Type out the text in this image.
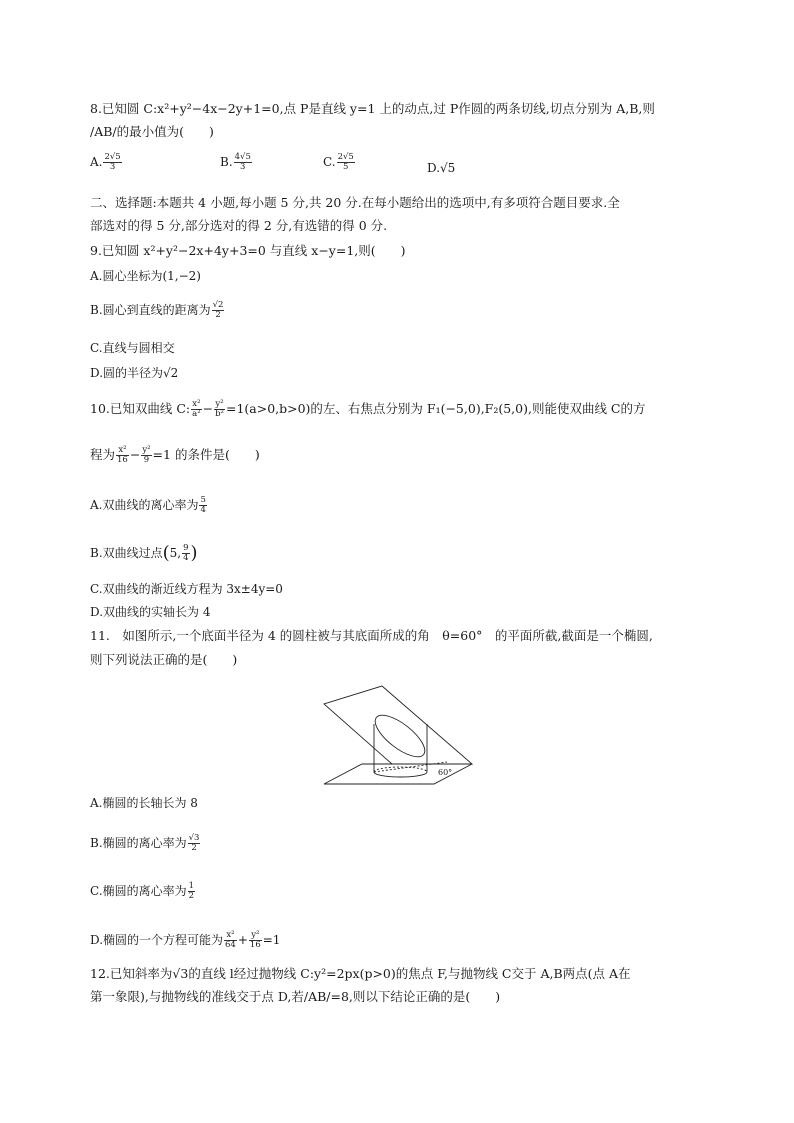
8.已知圆 C:x²+y²−4x−2y+1=0,点 P是直线 y=1 上的动点,过 P作圆的两条切线,切点分别为 A,B,则
/AB/的最小值为(　　)
A. $\frac{2√5}{3}$	B. $\frac{4√5}{3}$	C. $\frac{2√5}{5}$	D.√5
二、选择题:本题共 4 小题,每小题 5 分,共 20 分.在每小题给出的选项中,有多项符合题目要求.全
部选对的得 5 分,部分选对的得 2 分,有选错的得 0 分.
9.已知圆 x²+y²−2x+4y+3=0 与直线 x−y=1,则(　　)
A.圆心坐标为(1,−2)
B.圆心到直线的距离为 $\frac{√2}{2}$
C.直线与圆相交
D.圆的半径为√2
10.已知双曲线 C: $\frac{\text{x²}}{\text{a²}} - \frac{\text{y²}}{\text{b²}} =1(a>0,b>0)$的左、右焦点分别为 F₁(−5,0),F₂(5,0),则能使双曲线 C的方
程为 $\frac{\text{x²}}{16} - \frac{\text{y²}}{9} =1$ 的条件是(　　)
A.双曲线的离心率为 $\frac{5}{4}$
B.双曲线过点(5, $\frac{9}{4}$ )
C.双曲线的渐近线方程为 3x±4y=0
D.双曲线的实轴长为 4
11.　如图所示,一个底面半径为 4 的圆柱被与其底面所成的角　θ=60°　的平面所截,截面是一个椭圆,
则下列说法正确的是(　　)
60°
A.椭圆的长轴长为 8
B.椭圆的离心率为 $\frac{√3}{2}$
C.椭圆的离心率为 $\frac{1}{2}$
D.椭圆的一个方程可能为 $\frac{\text{x²}}{64} + \frac{\text{y²}}{16} =1$
12.已知斜率为√3的直线 l经过抛物线 C:y²=2px(p>0)的焦点 F,与抛物线 C交于 A,B两点(点 A在
第一象限),与抛物线的准线交于点 D,若/AB/=8,则以下结论正确的是(　　)
